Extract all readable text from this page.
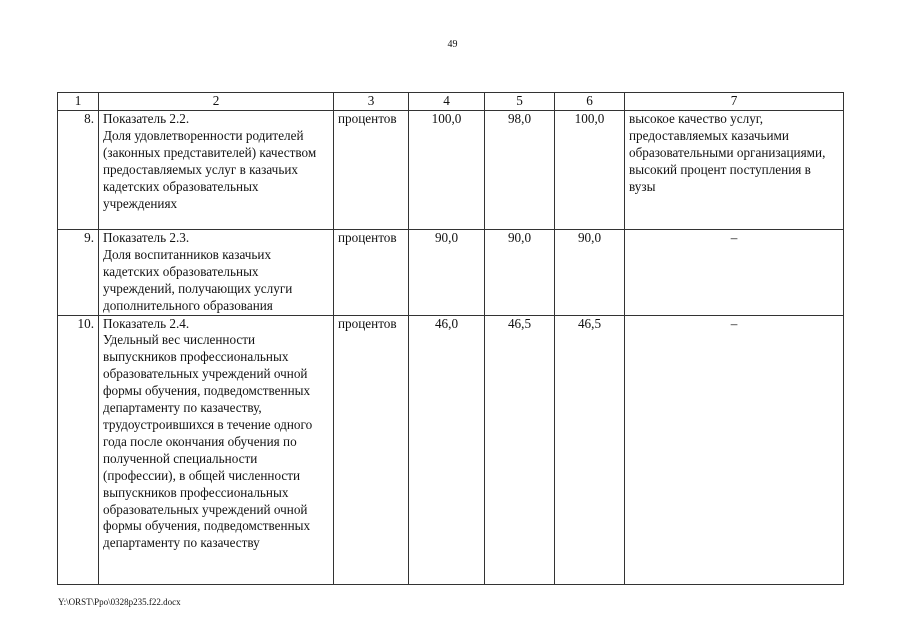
49
1	2	3	4	5	6	7
8.	Показатель 2.2.
Доля удовлетворенности родителей (законных представителей) качеством предоставляемых услуг в казачьих кадетских образовательных учреждениях	процентов	100,0	98,0	100,0	высокое качество услуг, предоставляемых казачьими образовательными организациями, высокий процент поступления в вузы
9.	Показатель 2.3.
Доля воспитанников казачьих кадетских образовательных учреждений, получающих услуги дополнительного образования	процентов	90,0	90,0	90,0	–
10.	Показатель 2.4.
Удельный вес численности выпускников профессиональных образовательных учреждений очной формы обучения, подведомственных департаменту по казачеству, трудоустроившихся в течение одного года после окончания обучения по полученной специальности (профессии), в общей численности выпускников профессиональных образовательных учреждений очной формы обучения, подведомственных департаменту по казачеству	процентов	46,0	46,5	46,5	–
Y:\ORST\Ppo\0328p235.f22.docx
